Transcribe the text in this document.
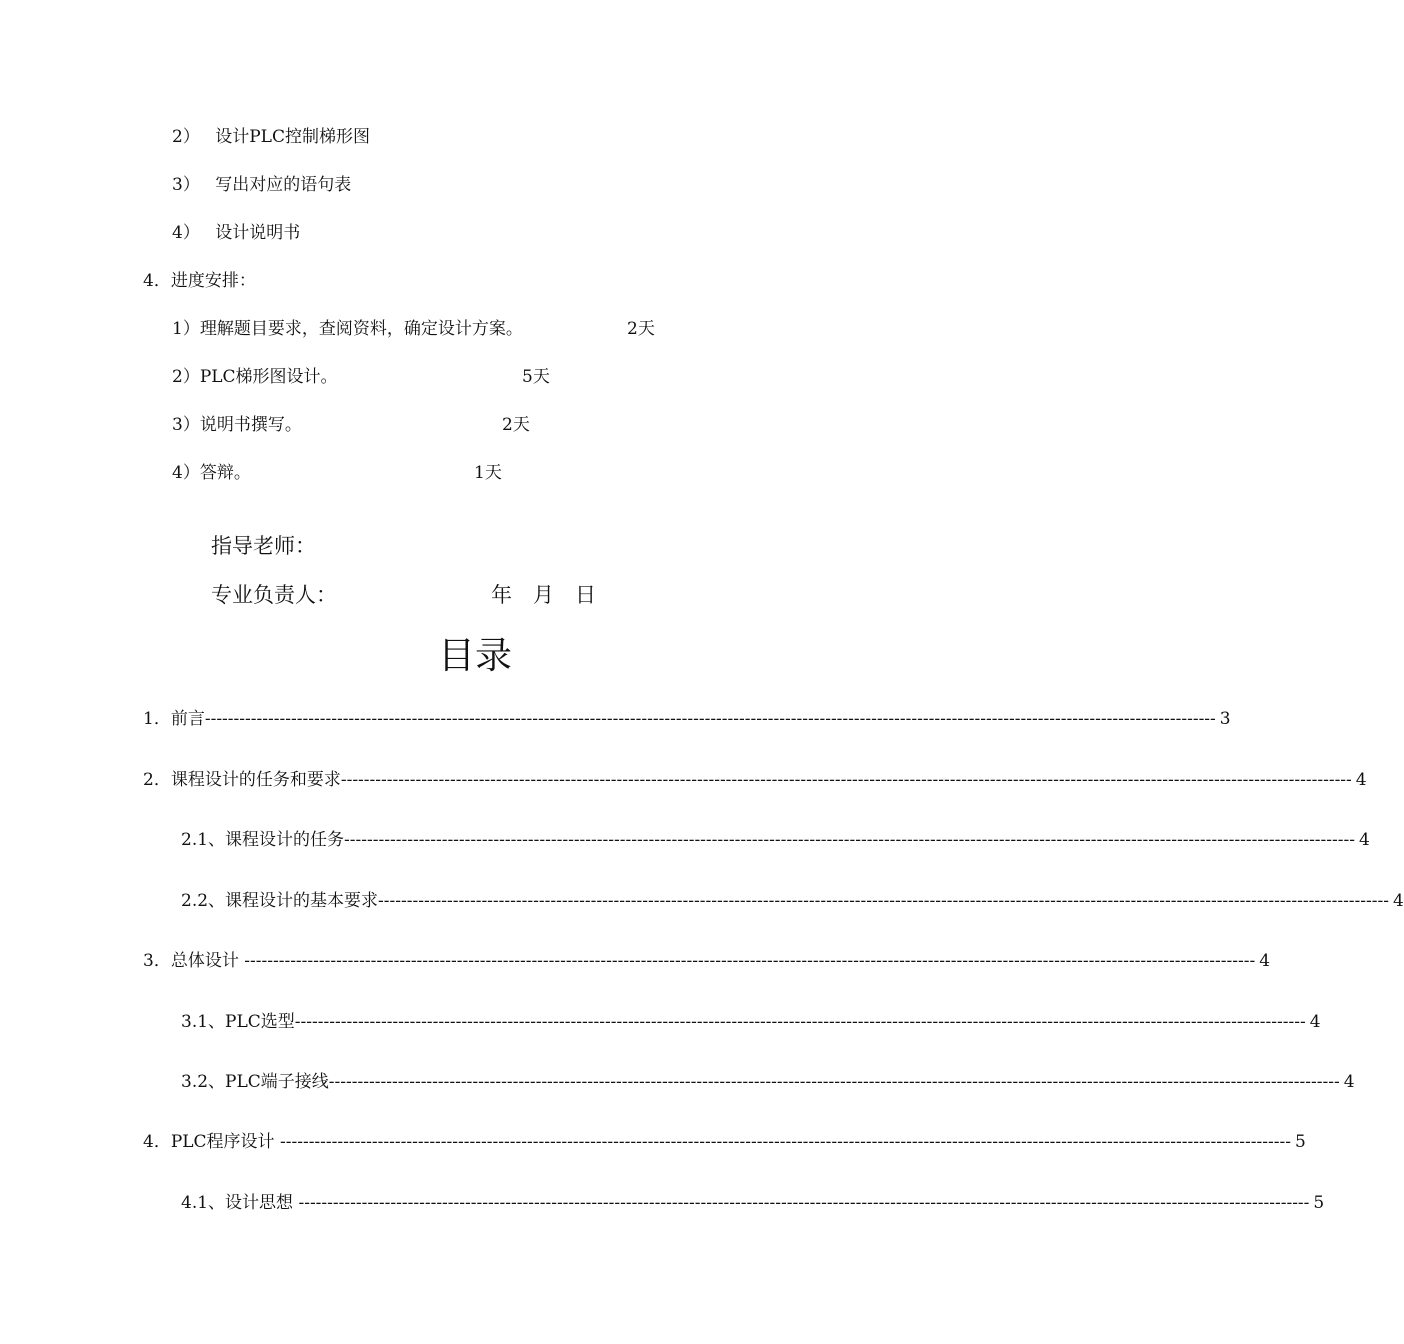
2） 设计PLC控制梯形图
3） 写出对应的语句表
4） 设计说明书
4．进度安排：
1）理解题目要求，查阅资料，确定设计方案。	2天
2）PLC梯形图设计。	5天
3）说明书撰写。	2天
4）答辩。	1天
指导老师：
专业负责人：	年　月　日
目录
1．前言 -------------------------------------------------------------------------------------------------------------------------------------------------------------------------------- 3
2．课程设计的任务和要求 -------------------------------------------------------------------------------------------------------------------------------------------------------------------------------- 4
2.1、课程设计的任务 -------------------------------------------------------------------------------------------------------------------------------------------------------------------------------- 4
2.2、课程设计的基本要求 -------------------------------------------------------------------------------------------------------------------------------------------------------------------------------- 4
3．总体设计 -------------------------------------------------------------------------------------------------------------------------------------------------------------------------------- 4
3.1、PLC选型 -------------------------------------------------------------------------------------------------------------------------------------------------------------------------------- 4
3.2、PLC端子接线 -------------------------------------------------------------------------------------------------------------------------------------------------------------------------------- 4
4．PLC程序设计 -------------------------------------------------------------------------------------------------------------------------------------------------------------------------------- 5
4.1、设计思想 -------------------------------------------------------------------------------------------------------------------------------------------------------------------------------- 5
